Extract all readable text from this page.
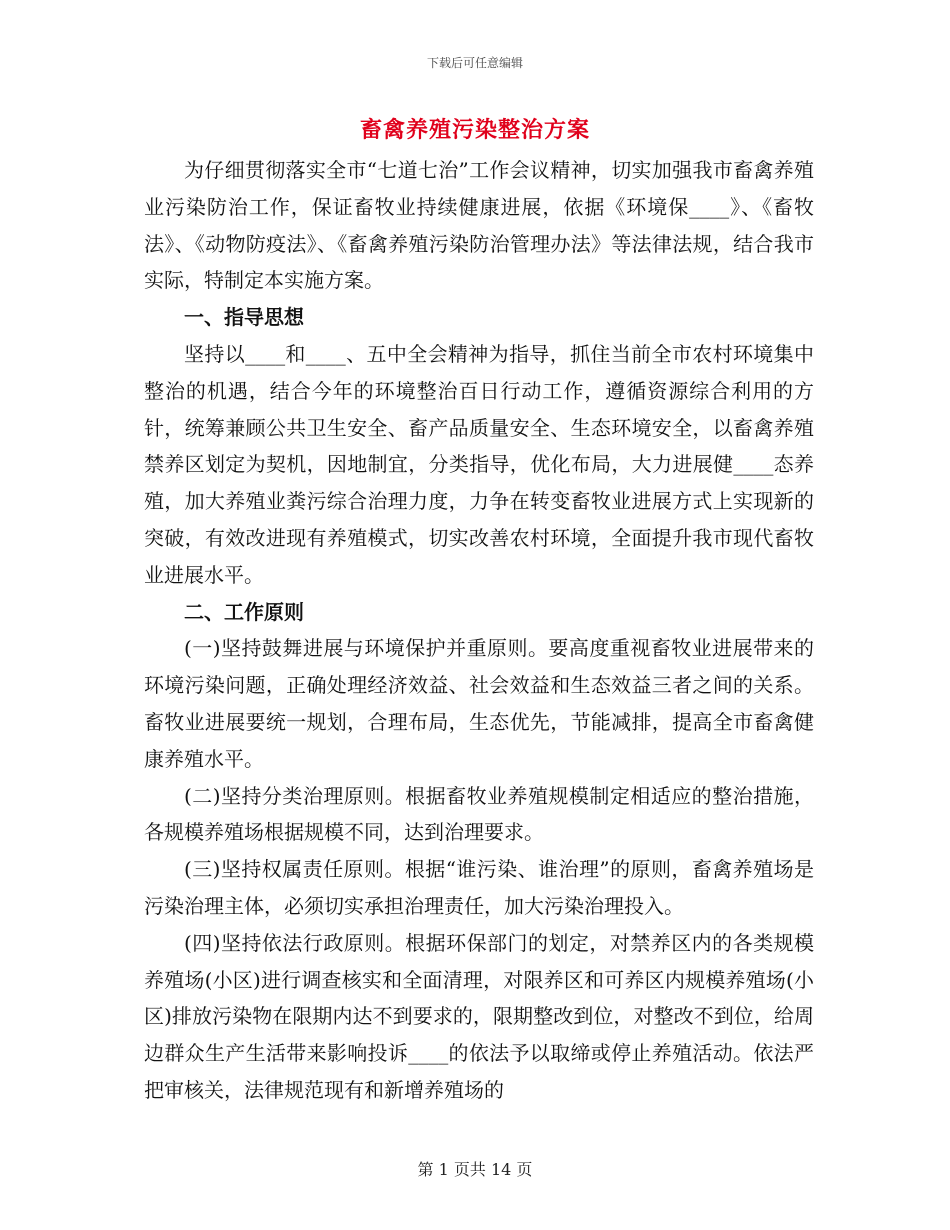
下载后可任意编辑
畜禽养殖污染整治方案

为仔细贯彻落实全市“七道七治”工作会议精神，切实加强我市畜禽养殖业污染防治工作，保证畜牧业持续健康进展，依据《环境保____》、《畜牧法》、《动物防疫法》、《畜禽养殖污染防治管理办法》等法律法规，结合我市实际，特制定本实施方案。

一、指导思想

坚持以____和____、五中全会精神为指导，抓住当前全市农村环境集中整治的机遇，结合今年的环境整治百日行动工作，遵循资源综合利用的方针，统筹兼顾公共卫生安全、畜产品质量安全、生态环境安全，以畜禽养殖禁养区划定为契机，因地制宜，分类指导，优化布局，大力进展健____态养殖，加大养殖业粪污综合治理力度，力争在转变畜牧业进展方式上实现新的突破，有效改进现有养殖模式，切实改善农村环境，全面提升我市现代畜牧业进展水平。

二、工作原则

(一)坚持鼓舞进展与环境保护并重原则。要高度重视畜牧业进展带来的环境污染问题，正确处理经济效益、社会效益和生态效益三者之间的关系。畜牧业进展要统一规划，合理布局，生态优先，节能减排，提高全市畜禽健康养殖水平。

(二)坚持分类治理原则。根据畜牧业养殖规模制定相适应的整治措施，各规模养殖场根据规模不同，达到治理要求。

(三)坚持权属责任原则。根据“谁污染、谁治理”的原则，畜禽养殖场是污染治理主体，必须切实承担治理责任，加大污染治理投入。

(四)坚持依法行政原则。根据环保部门的划定，对禁养区内的各类规模养殖场(小区)进行调查核实和全面清理，对限养区和可养区内规模养殖场(小区)排放污染物在限期内达不到要求的，限期整改到位，对整改不到位，给周边群众生产生活带来影响投诉____的依法予以取缔或停止养殖活动。依法严把审核关，法律规范现有和新增养殖场的

第 1 页共 14 页
